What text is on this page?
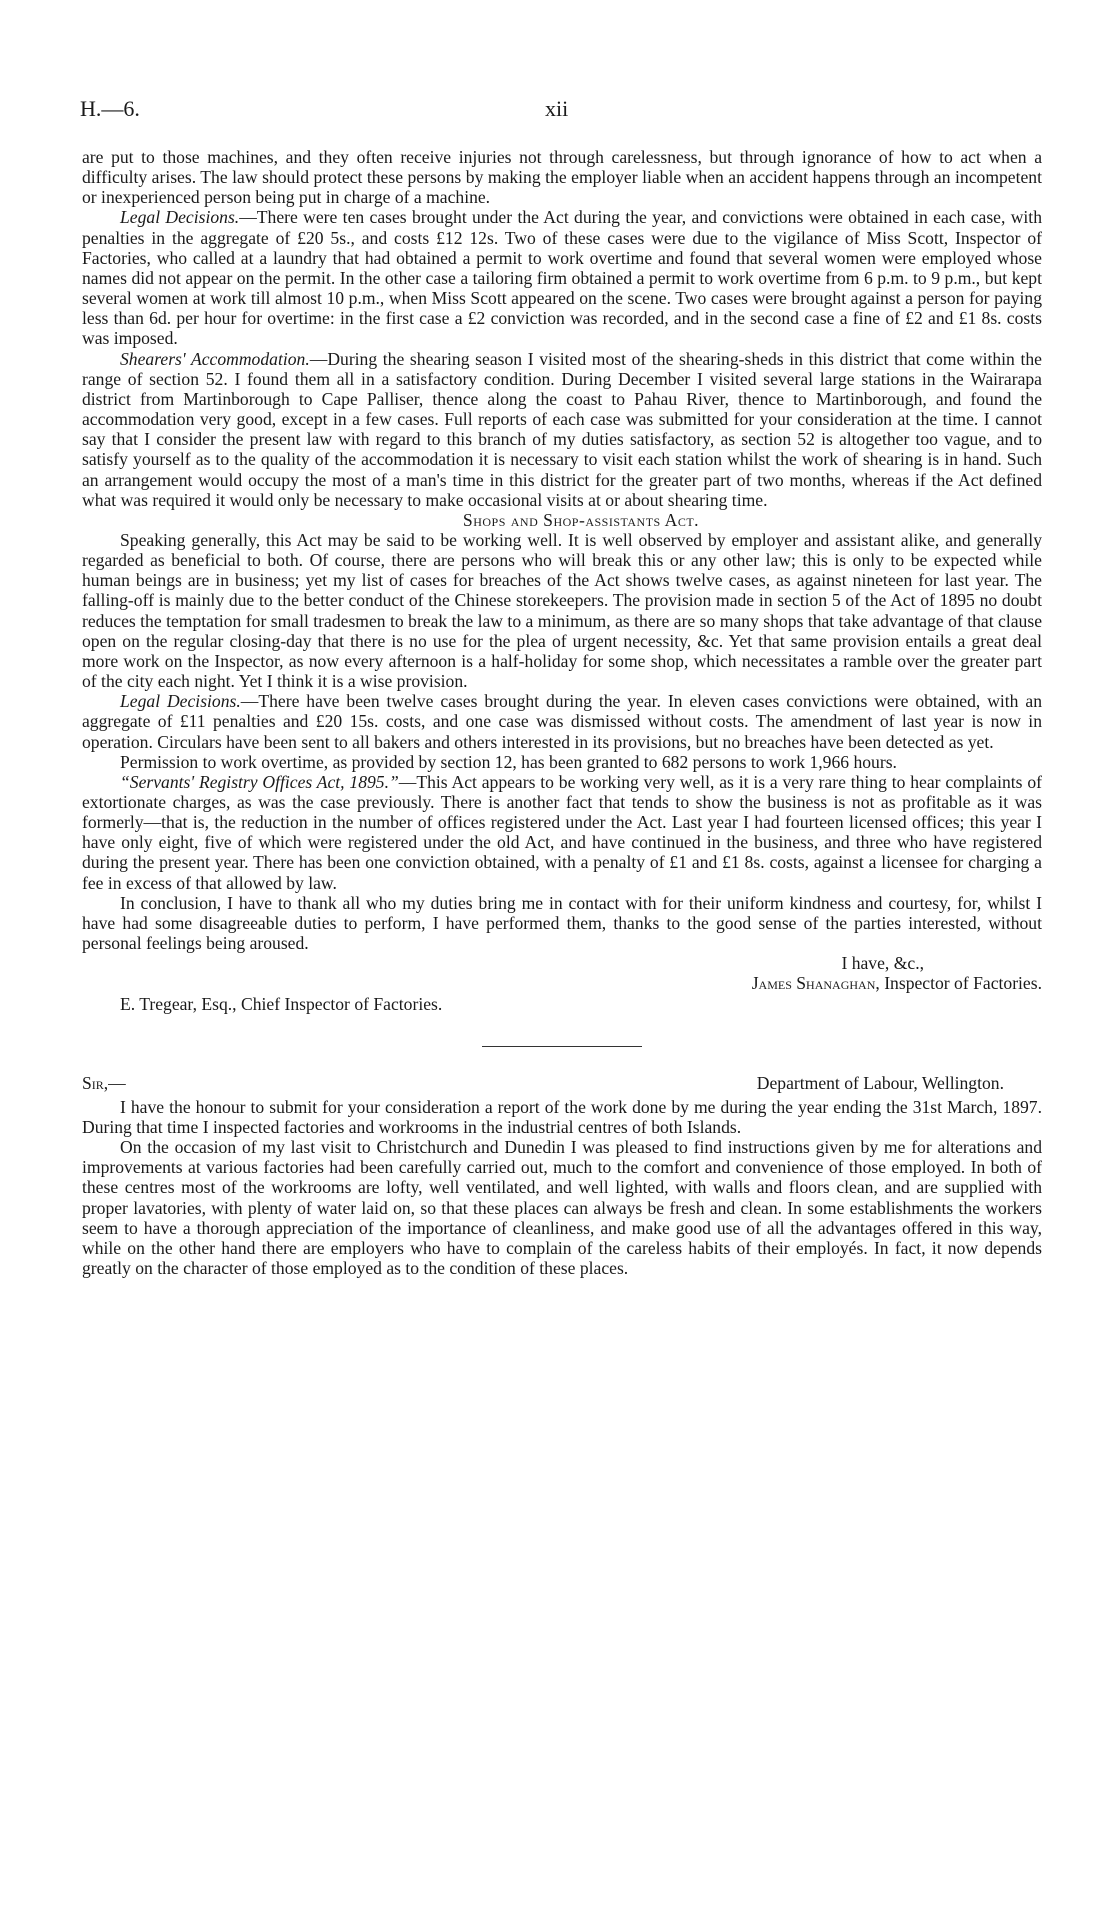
H.—6.	xii

are put to those machines, and they often receive injuries not through carelessness, but through ignorance of how to act when a difficulty arises. The law should protect these persons by making the employer liable when an accident happens through an incompetent or inexperienced person being put in charge of a machine.

Legal Decisions.—There were ten cases brought under the Act during the year, and convictions were obtained in each case, with penalties in the aggregate of £20 5s., and costs £12 12s. Two of these cases were due to the vigilance of Miss Scott, Inspector of Factories, who called at a laundry that had obtained a permit to work overtime and found that several women were employed whose names did not appear on the permit. In the other case a tailoring firm obtained a permit to work overtime from 6 p.m. to 9 p.m., but kept several women at work till almost 10 p.m., when Miss Scott appeared on the scene. Two cases were brought against a person for paying less than 6d. per hour for overtime: in the first case a £2 conviction was recorded, and in the second case a fine of £2 and £1 8s. costs was imposed.

Shearers' Accommodation.—During the shearing season I visited most of the shearing-sheds in this district that come within the range of section 52. I found them all in a satisfactory condition. During December I visited several large stations in the Wairarapa district from Martinborough to Cape Palliser, thence along the coast to Pahau River, thence to Martinborough, and found the accommodation very good, except in a few cases. Full reports of each case was submitted for your consideration at the time. I cannot say that I consider the present law with regard to this branch of my duties satisfactory, as section 52 is altogether too vague, and to satisfy yourself as to the quality of the accommodation it is necessary to visit each station whilst the work of shearing is in hand. Such an arrangement would occupy the most of a man's time in this district for the greater part of two months, whereas if the Act defined what was required it would only be necessary to make occasional visits at or about shearing time.

Shops and Shop-assistants Act.

Speaking generally, this Act may be said to be working well. It is well observed by employer and assistant alike, and generally regarded as beneficial to both. Of course, there are persons who will break this or any other law; this is only to be expected while human beings are in business; yet my list of cases for breaches of the Act shows twelve cases, as against nineteen for last year. The falling-off is mainly due to the better conduct of the Chinese storekeepers. The provision made in section 5 of the Act of 1895 no doubt reduces the temptation for small tradesmen to break the law to a minimum, as there are so many shops that take advantage of that clause open on the regular closing-day that there is no use for the plea of urgent necessity, &c. Yet that same provision entails a great deal more work on the Inspector, as now every afternoon is a half-holiday for some shop, which necessitates a ramble over the greater part of the city each night. Yet I think it is a wise provision.

Legal Decisions.—There have been twelve cases brought during the year. In eleven cases convictions were obtained, with an aggregate of £11 penalties and £20 15s. costs, and one case was dismissed without costs. The amendment of last year is now in operation. Circulars have been sent to all bakers and others interested in its provisions, but no breaches have been detected as yet.

Permission to work overtime, as provided by section 12, has been granted to 682 persons to work 1,966 hours.

“Servants' Registry Offices Act, 1895.”—This Act appears to be working very well, as it is a very rare thing to hear complaints of extortionate charges, as was the case previously. There is another fact that tends to show the business is not as profitable as it was formerly—that is, the reduction in the number of offices registered under the Act. Last year I had fourteen licensed offices; this year I have only eight, five of which were registered under the old Act, and have continued in the business, and three who have registered during the present year. There has been one conviction obtained, with a penalty of £1 and £1 8s. costs, against a licensee for charging a fee in excess of that allowed by law.

In conclusion, I have to thank all who my duties bring me in contact with for their uniform kindness and courtesy, for, whilst I have had some disagreeable duties to perform, I have performed them, thanks to the good sense of the parties interested, without personal feelings being aroused.

I have, &c.,

James Shanaghan, Inspector of Factories.

E. Tregear, Esq., Chief Inspector of Factories.

Sir,—	Department of Labour, Wellington.

I have the honour to submit for your consideration a report of the work done by me during the year ending the 31st March, 1897. During that time I inspected factories and workrooms in the industrial centres of both Islands.

On the occasion of my last visit to Christchurch and Dunedin I was pleased to find instructions given by me for alterations and improvements at various factories had been carefully carried out, much to the comfort and convenience of those employed. In both of these centres most of the workrooms are lofty, well ventilated, and well lighted, with walls and floors clean, and are supplied with proper lavatories, with plenty of water laid on, so that these places can always be fresh and clean. In some establishments the workers seem to have a thorough appreciation of the importance of cleanliness, and make good use of all the advantages offered in this way, while on the other hand there are employers who have to complain of the careless habits of their employés. In fact, it now depends greatly on the character of those employed as to the condition of these places.
